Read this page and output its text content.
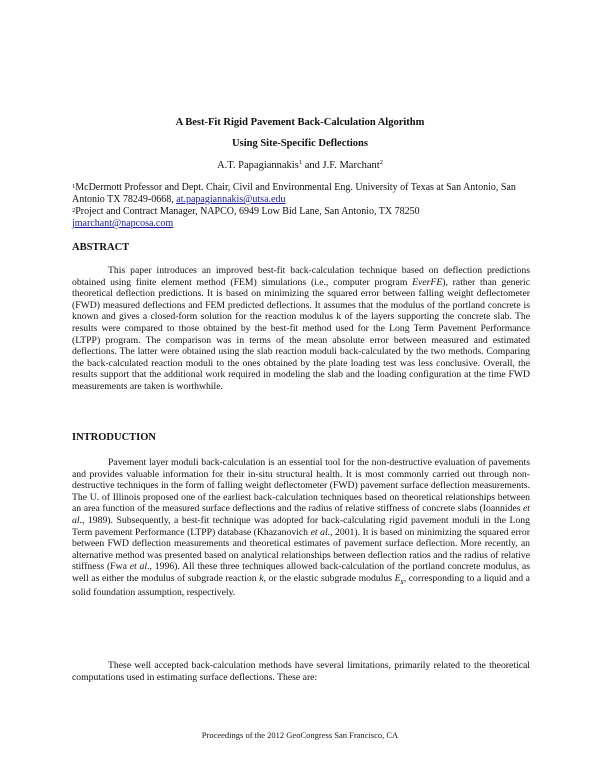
A Best-Fit Rigid Pavement Back-Calculation Algorithm
Using Site-Specific Deflections
A.T. Papagiannakis$^1$ and J.F. Marchant$^2$
$^1$McDermott Professor and Dept. Chair, Civil and Environmental Eng. University of Texas at San Antonio, San Antonio TX 78249-0668, at.papagiannakis@utsa.edu
$^2$Project and Contract Manager, NAPCO, 6949 Low Bid Lane, San Antonio, TX 78250
jmarchant@napcosa.com
ABSTRACT

This paper introduces an improved best-fit back-calculation technique based on deflection predictions obtained using finite element method (FEM) simulations (i.e., computer program EverFE), rather than generic theoretical deflection predictions. It is based on minimizing the squared error between falling weight deflectometer (FWD) measured deflections and FEM predicted deflections. It assumes that the modulus of the portland concrete is known and gives a closed-form solution for the reaction modulus k of the layers supporting the concrete slab. The results were compared to those obtained by the best-fit method used for the Long Term Pavement Performance (LTPP) program. The comparison was in terms of the mean absolute error between measured and estimated deflections. The latter were obtained using the slab reaction moduli back-calculated by the two methods. Comparing the back-calculated reaction moduli to the ones obtained by the plate loading test was less conclusive. Overall, the results support that the additional work required in modeling the slab and the loading configuration at the time FWD measurements are taken is worthwhile.

INTRODUCTION

Pavement layer moduli back-calculation is an essential tool for the non-destructive evaluation of pavements and provides valuable information for their in-situ structural health. It is most commonly carried out through non-destructive techniques in the form of falling weight deflectometer (FWD) pavement surface deflection measurements. The U. of Illinois proposed one of the earliest back-calculation techniques based on theoretical relationships between an area function of the measured surface deflections and the radius of relative stiffness of concrete slabs (Ioannides et al., 1989). Subsequently, a best-fit technique was adopted for back-calculating rigid pavement moduli in the Long Term pavement Performance (LTPP) database (Khazanovich et al., 2001). It is based on minimizing the squared error between FWD deflection measurements and theoretical estimates of pavement surface deflection. More recently, an alternative method was presented based on analytical relationships between deflection ratios and the radius of relative stiffness (Fwa et al., 1996). All these three techniques allowed back-calculation of the portland concrete modulus, as well as either the modulus of subgrade reaction k, or the elastic subgrade modulus $E_s$, corresponding to a liquid and a solid foundation assumption, respectively.

These well accepted back-calculation methods have several limitations, primarily related to the theoretical computations used in estimating surface deflections. These are:

Proceedings of the 2012 GeoCongress San Francisco, CA
